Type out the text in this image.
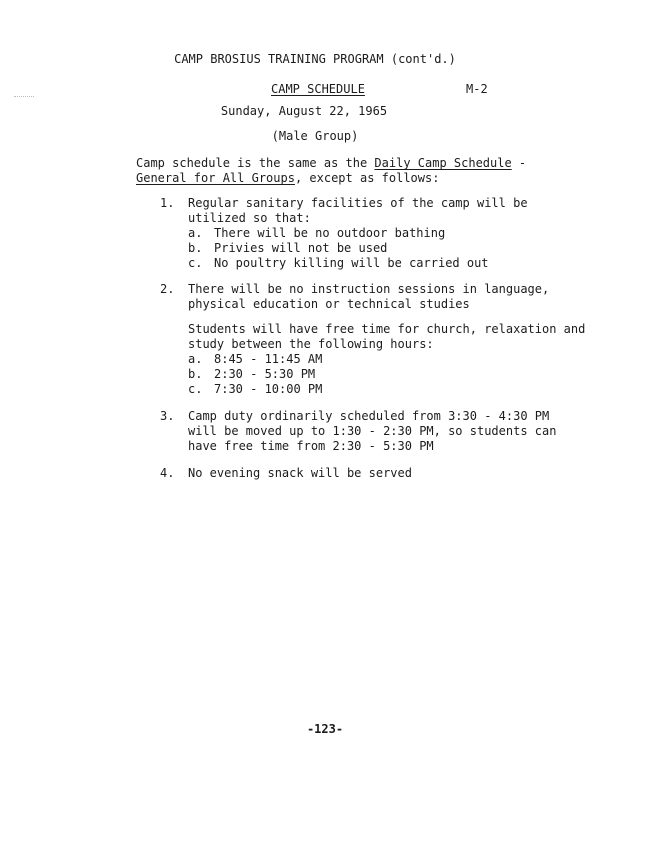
CAMP BROSIUS TRAINING PROGRAM (cont'd.)
CAMP SCHEDULE	M-2
Sunday, August 22, 1965
(Male Group)

Camp schedule is the same as the Daily Camp Schedule -

General for All Groups, except as follows:

1. Regular sanitary facilities of the camp will be
utilized so that:
a. There will be no outdoor bathing
b. Privies will not be used
c. No poultry killing will be carried out
2. There will be no instruction sessions in language,
physical education or technical studies
Students will have free time for church, relaxation and
study between the following hours:
a. 8:45 - 11:45 AM
b. 2:30 - 5:30 PM
c. 7:30 - 10:00 PM
3. Camp duty ordinarily scheduled from 3:30 - 4:30 PM
will be moved up to 1:30 - 2:30 PM, so students can
have free time from 2:30 - 5:30 PM
4. No evening snack will be served
-123-
